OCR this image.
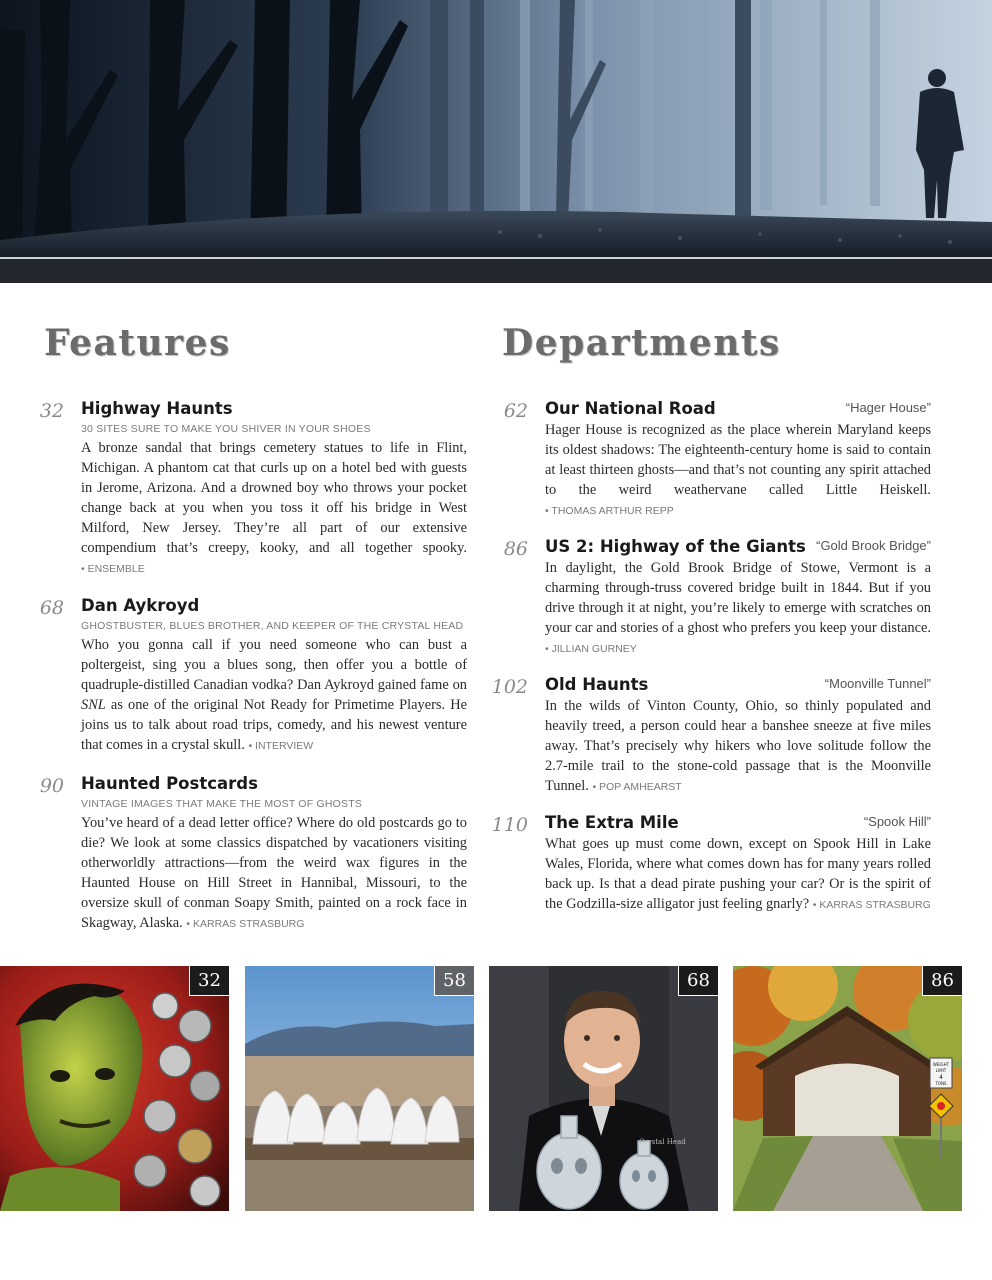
Features	Departments
32 Highway Haunts
30 SITES SURE TO MAKE YOU SHIVER IN YOUR SHOES

A bronze sandal that brings cemetery statues to life in Flint, Michigan. A phantom cat that curls up on a hotel bed with guests in Jerome, Arizona. And a drowned boy who throws your pocket change back at you when you toss it off his bridge in West Milford, New Jersey. They’re all part of our extensive compendium that’s creepy, kooky, and all together spooky. • ENSEMBLE

68 Dan Aykroyd
GHOSTBUSTER, BLUES BROTHER, AND KEEPER OF THE CRYSTAL HEAD

Who you gonna call if you need someone who can bust a poltergeist, sing you a blues song, then offer you a bottle of quadruple-distilled Canadian vodka? Dan Aykroyd gained fame on SNL as one of the original Not Ready for Primetime Players. He joins us to talk about road trips, comedy, and his newest venture that comes in a crystal skull. • INTERVIEW

90 Haunted Postcards
VINTAGE IMAGES THAT MAKE THE MOST OF GHOSTS

You’ve heard of a dead letter office? Where do old postcards go to die? We look at some classics dispatched by vacationers visiting otherworldly attractions—from the weird wax figures in the Haunted House on Hill Street in Hannibal, Missouri, to the oversize skull of conman Soapy Smith, painted on a rock face in Skagway, Alaska. • KARRAS STRASBURG

62 Our National Road	“Hager House”

Hager House is recognized as the place wherein Maryland keeps its oldest shadows: The eighteenth-century home is said to contain at least thirteen ghosts—and that’s not counting any spirit attached to the weird weathervane called Little Heiskell. • THOMAS ARTHUR REPP

86 US 2: Highway of the Giants “Gold Brook Bridge”

In daylight, the Gold Brook Bridge of Stowe, Vermont is a charming through-truss covered bridge built in 1844. But if you drive through it at night, you’re likely to emerge with scratches on your car and stories of a ghost who prefers you keep your distance. • JILLIAN GURNEY

102 Old Haunts	“Moonville Tunnel”

In the wilds of Vinton County, Ohio, so thinly populated and heavily treed, a person could hear a banshee sneeze at five miles away. That’s precisely why hikers who love solitude follow the 2.7-mile trail to the stone-cold passage that is the Moonville Tunnel. • POP AMHEARST

110 The Extra Mile	“Spook Hill”

What goes up must come down, except on Spook Hill in Lake Wales, Florida, where what comes down has for many years rolled back up. Is that a dead pirate pushing your car? Or is the spirit of the Godzilla-size alligator just feeling gnarly? • KARRAS STRASBURG

32	58
Crystal Head
68
WEIGHT
LIMIT
4
TONS
86
